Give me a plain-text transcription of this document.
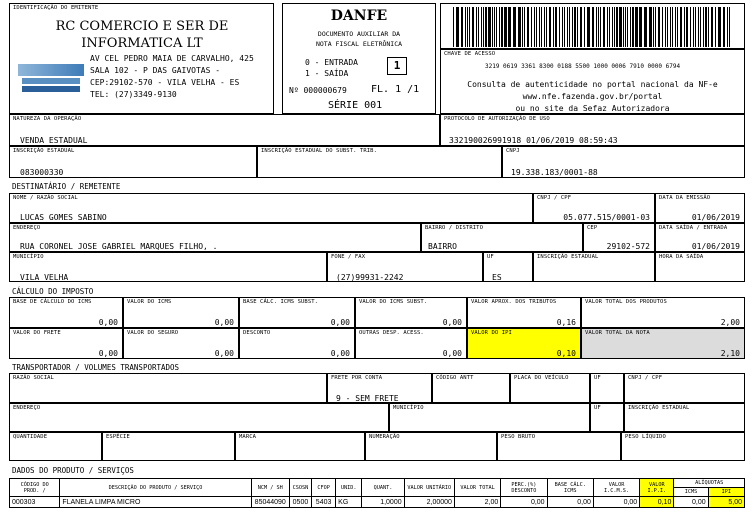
IDENTIFICAÇÃO DO EMITENTE
RC COMERCIO E SER DE INFORMATICA LT
AV CEL PEDRO MAIA DE CARVALHO, 425
SALA 102 - P DAS GAIVOTAS -
CEP:29102-570 - VILA VELHA - ES
TEL: (27)3349-9130
DANFE
DOCUMENTO AUXILIAR DA
NOTA FISCAL ELETRÔNICA
0 - ENTRADA
1 - SAÍDA
1
Nº 000000679 FL. 1 /1
SÉRIE 001
CHAVE DE ACESSO
3219 0619 3361 8300 0188 5500 1000 0006 7910 0000 6794
Consulta de autenticidade no portal nacional da NF-e
www.nfe.fazenda.gov.br/portal
ou no site da Sefaz Autorizadora
NATUREZA DA OPERAÇÃO
VENDA ESTADUAL
PROTOCOLO DE AUTORIZAÇÃO DE USO
332190026991918 01/06/2019 08:59:43
INSCRIÇÃO ESTADUAL
083000330
INSCRIÇÃO ESTADUAL DO SUBST. TRIB.	CNPJ
19.338.183/0001-88
DESTINATÁRIO / REMETENTE
NOME / RAZÃO SOCIAL
LUCAS GOMES SABINO
CNPJ / CPF
05.077.515/0001-03
DATA DA EMISSÃO
01/06/2019
ENDEREÇO
RUA CORONEL JOSE GABRIEL MARQUES FILHO, .
BAIRRO / DISTRITO
BAIRRO
CEP
29102-572
DATA SAÍDA / ENTRADA
01/06/2019
MUNICÍPIO
VILA VELHA
FONE / FAX
(27)99931-2242
UF
ES
INSCRIÇÃO ESTADUAL	HORA DA SAÍDA
CÁLCULO DO IMPOSTO
BASE DE CÁLCULO DO ICMS
0,00
VALOR DO ICMS
0,00
BASE CÁLC. ICMS SUBST.
0,00
VALOR DO ICMS SUBST.
0,00
VALOR APROX. DOS TRIBUTOS
0,16
VALOR TOTAL DOS PRODUTOS
2,00
VALOR DO FRETE
0,00
VALOR DO SEGURO
0,00
DESCONTO
0,00
OUTRAS DESP. ACESS.
0,00
VALOR DO IPI
0,10
VALOR TOTAL DA NOTA
2,10
TRANSPORTADOR / VOLUMES TRANSPORTADOS
RAZÃO SOCIAL	FRETE POR CONTA
9 - SEM FRETE
CÓDIGO ANTT	PLACA DO VEÍCULO	UF	CNPJ / CPF
ENDEREÇO	MUNICÍPIO	UF	INSCRIÇÃO ESTADUAL
QUANTIDADE	ESPÉCIE	MARCA	NUMERAÇÃO	PESO BRUTO	PESO LÍQUIDO
DADOS DO PRODUTO / SERVIÇOS
CÓDIGO DO PROD. /	DESCRIÇÃO DO PRODUTO / SERVIÇO	NCM / SH	CSOSN	CFOP	UNID.	QUANT.	VALOR UNITÁRIO	VALOR TOTAL	PERC.(%) DESCONTO	BASE CÁLC. ICMS	VALOR I.C.M.S.	VALOR I.P.I.	ALÍQUOTAS	
													ICMS	IPI
000303	FLANELA LIMPA MICRO	85044090	0500	5403	KG	1,0000	2,00000	2,00	0,00	0,00	0,00	0,10	0,00	5,00
